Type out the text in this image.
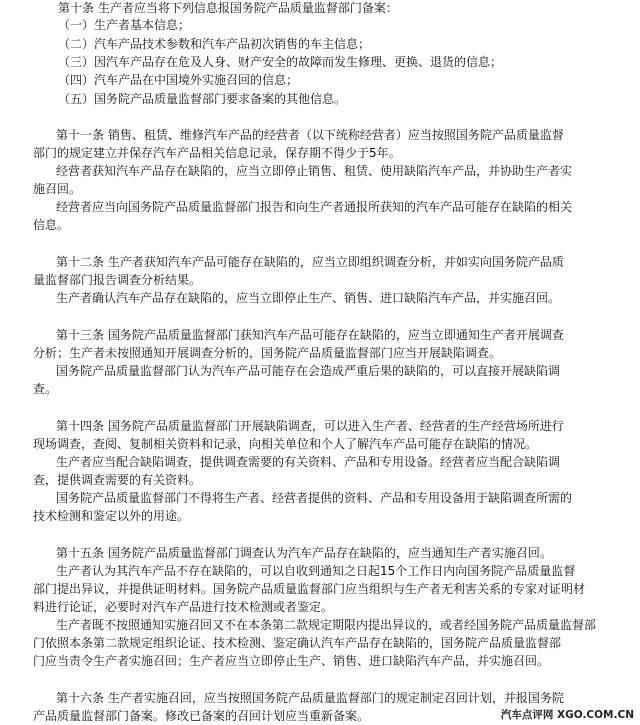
第十条 生产者应当将下列信息报国务院产品质量监督部门备案：
（一）生产者基本信息；
（二）汽车产品技术参数和汽车产品初次销售的车主信息；
（三）因汽车产品存在危及人身、财产安全的故障而发生修理、更换、退货的信息；
（四）汽车产品在中国境外实施召回的信息；
（五）国务院产品质量监督部门要求备案的其他信息。
第十一条 销售、租赁、维修汽车产品的经营者（以下统称经营者）应当按照国务院产品质量监督
部门的规定建立并保存汽车产品相关信息记录，保存期不得少于5年。
经营者获知汽车产品存在缺陷的，应当立即停止销售、租赁、使用缺陷汽车产品，并协助生产者实
施召回。
经营者应当向国务院产品质量监督部门报告和向生产者通报所获知的汽车产品可能存在缺陷的相关
信息。
第十二条 生产者获知汽车产品可能存在缺陷的，应当立即组织调查分析，并如实向国务院产品质
量监督部门报告调查分析结果。
生产者确认汽车产品存在缺陷的，应当立即停止生产、销售、进口缺陷汽车产品，并实施召回。
第十三条 国务院产品质量监督部门获知汽车产品可能存在缺陷的，应当立即通知生产者开展调查
分析；生产者未按照通知开展调查分析的，国务院产品质量监督部门应当开展缺陷调查。
国务院产品质量监督部门认为汽车产品可能存在会造成严重后果的缺陷的，可以直接开展缺陷调
查。
第十四条 国务院产品质量监督部门开展缺陷调查，可以进入生产者、经营者的生产经营场所进行
现场调查，查阅、复制相关资料和记录，向相关单位和个人了解汽车产品可能存在缺陷的情况。
生产者应当配合缺陷调查，提供调查需要的有关资料、产品和专用设备。经营者应当配合缺陷调
查，提供调查需要的有关资料。
国务院产品质量监督部门不得将生产者、经营者提供的资料、产品和专用设备用于缺陷调查所需的
技术检测和鉴定以外的用途。
第十五条 国务院产品质量监督部门调查认为汽车产品存在缺陷的，应当通知生产者实施召回。
生产者认为其汽车产品不存在缺陷的，可以自收到通知之日起15个工作日内向国务院产品质量监督
部门提出异议，并提供证明材料。国务院产品质量监督部门应当组织与生产者无利害关系的专家对证明材
料进行论证，必要时对汽车产品进行技术检测或者鉴定。
生产者既不按照通知实施召回又不在本条第二款规定期限内提出异议的，或者经国务院产品质量监督部
门依照本条第二款规定组织论证、技术检测、鉴定确认汽车产品存在缺陷的，国务院产品质量监督部
门应当责令生产者实施召回；生产者应当立即停止生产、销售、进口缺陷汽车产品，并实施召回。
第十六条 生产者实施召回，应当按照国务院产品质量监督部门的规定制定召回计划，并报国务院
产品质量监督部门备案。修改已备案的召回计划应当重新备案。	汽车点评网 XGO.COM.CN
